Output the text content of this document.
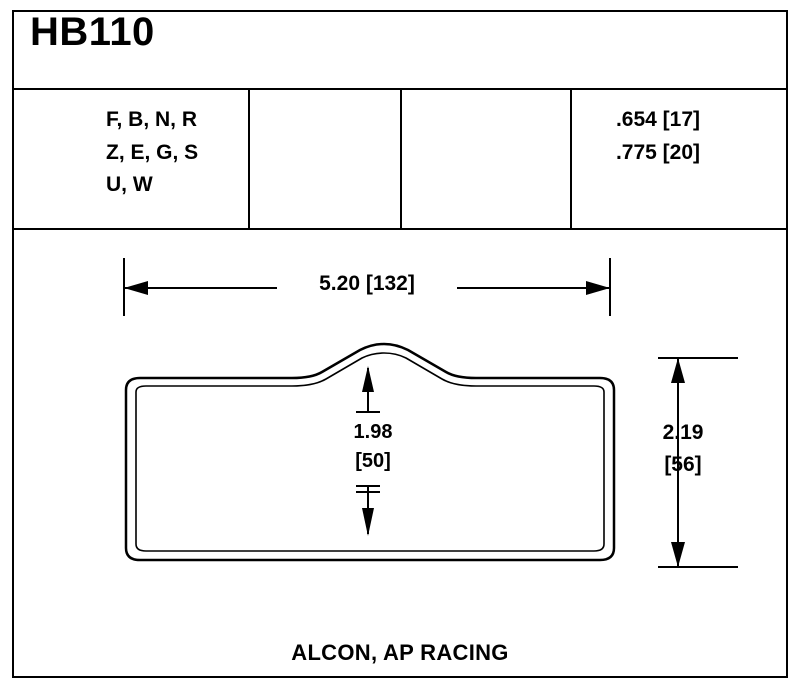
HB110
F, B, N, R
Z, E, G, S
U, W
.654 [17]
.775 [20]
5.20 [132]
1.98
[50]
2.19
[56]
ALCON, AP RACING
